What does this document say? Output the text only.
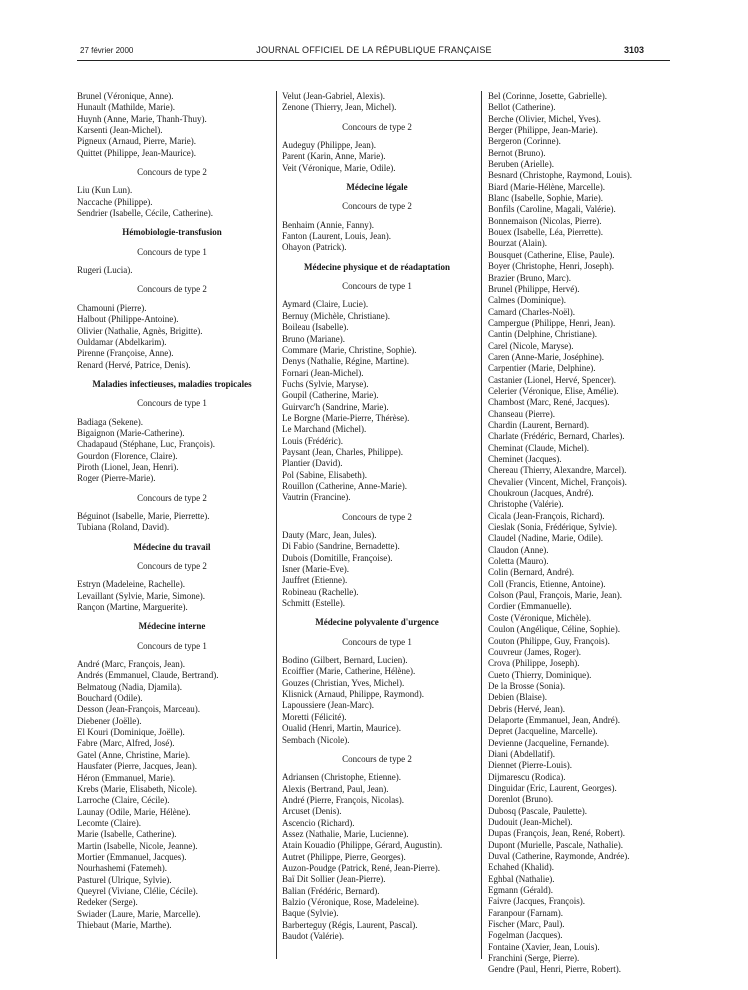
27 février 2000	JOURNAL OFFICIEL DE LA RÉPUBLIQUE FRANÇAISE	3103
Brunel (Véronique, Anne).
Hunault (Mathilde, Marie).
Huynh (Anne, Marie, Thanh-Thuy).
Karsenti (Jean-Michel).
Pigneux (Arnaud, Pierre, Marie).
Quittet (Philippe, Jean-Maurice).
Concours de type 2
Liu (Kun Lun).
Naccache (Philippe).
Sendrier (Isabelle, Cécile, Catherine).
Hémobiologie-transfusion
Concours de type 1
Rugeri (Lucia).
Concours de type 2
Chamouni (Pierre).
Halbout (Philippe-Antoine).
Olivier (Nathalie, Agnès, Brigitte).
Ouldamar (Abdelkarim).
Pirenne (Françoise, Anne).
Renard (Hervé, Patrice, Denis).
Maladies infectieuses, maladies tropicales
Concours de type 1
Badiaga (Sekene).
Bigaignon (Marie-Catherine).
Chadapaud (Stéphane, Luc, François).
Gourdon (Florence, Claire).
Piroth (Lionel, Jean, Henri).
Roger (Pierre-Marie).
Concours de type 2
Béguinot (Isabelle, Marie, Pierrette).
Tubiana (Roland, David).
Médecine du travail
Concours de type 2
Estryn (Madeleine, Rachelle).
Levaillant (Sylvie, Marie, Simone).
Rançon (Martine, Marguerite).
Médecine interne
Concours de type 1
André (Marc, François, Jean).
Andrés (Emmanuel, Claude, Bertrand).
Belmatoug (Nadia, Djamila).
Bouchard (Odile).
Desson (Jean-François, Marceau).
Diebener (Joëlle).
El Kouri (Dominique, Joëlle).
Fabre (Marc, Alfred, José).
Gatel (Anne, Christine, Marie).
Hausfater (Pierre, Jacques, Jean).
Héron (Emmanuel, Marie).
Krebs (Marie, Elisabeth, Nicole).
Larroche (Claire, Cécile).
Launay (Odile, Marie, Hélène).
Lecomte (Claire).
Marie (Isabelle, Catherine).
Martin (Isabelle, Nicole, Jeanne).
Mortier (Emmanuel, Jacques).
Nourhashemi (Fatemeh).
Pasturel (Ulrique, Sylvie).
Queyrel (Viviane, Clélie, Cécile).
Redeker (Serge).
Swiader (Laure, Marie, Marcelle).
Thiebaut (Marie, Marthe).
Velut (Jean-Gabriel, Alexis).
Zenone (Thierry, Jean, Michel).
Concours de type 2
Audeguy (Philippe, Jean).
Parent (Karin, Anne, Marie).
Veit (Véronique, Marie, Odile).
Médecine légale
Concours de type 2
Benhaim (Annie, Fanny).
Fanton (Laurent, Louis, Jean).
Ohayon (Patrick).
Médecine physique et de réadaptation
Concours de type 1
Aymard (Claire, Lucie).
Bernuy (Michèle, Christiane).
Boileau (Isabelle).
Bruno (Mariane).
Commare (Marie, Christine, Sophie).
Denys (Nathalie, Régine, Martine).
Fornari (Jean-Michel).
Fuchs (Sylvie, Maryse).
Goupil (Catherine, Marie).
Guirvarc'h (Sandrine, Marie).
Le Borgne (Marie-Pierre, Thérèse).
Le Marchand (Michel).
Louis (Frédéric).
Paysant (Jean, Charles, Philippe).
Plantier (David).
Pol (Sabine, Elisabeth).
Rouillon (Catherine, Anne-Marie).
Vautrin (Francine).
Concours de type 2
Dauty (Marc, Jean, Jules).
Di Fabio (Sandrine, Bernadette).
Dubois (Domitille, Françoise).
Isner (Marie-Eve).
Jauffret (Etienne).
Robineau (Rachelle).
Schmitt (Estelle).
Médecine polyvalente d'urgence
Concours de type 1
Bodino (Gilbert, Bernard, Lucien).
Ecoiffier (Marie, Catherine, Hélène).
Gouzes (Christian, Yves, Michel).
Klisnick (Arnaud, Philippe, Raymond).
Lapoussiere (Jean-Marc).
Moretti (Félicité).
Oualid (Henri, Martin, Maurice).
Sembach (Nicole).
Concours de type 2
Adriansen (Christophe, Etienne).
Alexis (Bertrand, Paul, Jean).
André (Pierre, François, Nicolas).
Arcuset (Denis).
Ascencio (Richard).
Assez (Nathalie, Marie, Lucienne).
Atain Kouadio (Philippe, Gérard, Augustin).
Autret (Philippe, Pierre, Georges).
Auzon-Poudge (Patrick, René, Jean-Pierre).
Baï Dit Sollier (Jean-Pierre).
Balian (Frédéric, Bernard).
Balzio (Véronique, Rose, Madeleine).
Baque (Sylvie).
Barberteguy (Régis, Laurent, Pascal).
Baudot (Valérie).
Bel (Corinne, Josette, Gabrielle).
Bellot (Catherine).
Berche (Olivier, Michel, Yves).
Berger (Philippe, Jean-Marie).
Bergeron (Corinne).
Bernot (Bruno).
Beruben (Arielle).
Besnard (Christophe, Raymond, Louis).
Biard (Marie-Hélène, Marcelle).
Blanc (Isabelle, Sophie, Marie).
Bonfils (Caroline, Magali, Valérie).
Bonnemaison (Nicolas, Pierre).
Bouex (Isabelle, Léa, Pierrette).
Bourzat (Alain).
Bousquet (Catherine, Elise, Paule).
Boyer (Christophe, Henri, Joseph).
Brazier (Bruno, Marc).
Brunel (Philippe, Hervé).
Calmes (Dominique).
Camard (Charles-Noël).
Campergue (Philippe, Henri, Jean).
Cantin (Delphine, Christiane).
Carel (Nicole, Maryse).
Caren (Anne-Marie, Joséphine).
Carpentier (Marie, Delphine).
Castanier (Lionel, Hervé, Spencer).
Celerier (Véronique, Elise, Amélie).
Chambost (Marc, René, Jacques).
Chanseau (Pierre).
Chardin (Laurent, Bernard).
Charlate (Frédéric, Bernard, Charles).
Cheminat (Claude, Michel).
Cheminet (Jacques).
Chereau (Thierry, Alexandre, Marcel).
Chevalier (Vincent, Michel, François).
Choukroun (Jacques, André).
Christophe (Valérie).
Cicala (Jean-François, Richard).
Cieslak (Sonia, Frédérique, Sylvie).
Claudel (Nadine, Marie, Odile).
Claudon (Anne).
Coletta (Mauro).
Colin (Bernard, André).
Coll (Francis, Etienne, Antoine).
Colson (Paul, François, Marie, Jean).
Cordier (Emmanuelle).
Coste (Véronique, Michèle).
Coulon (Angélique, Céline, Sophie).
Couton (Philippe, Guy, François).
Couvreur (James, Roger).
Crova (Philippe, Joseph).
Cueto (Thierry, Dominique).
De la Brosse (Sonia).
Debien (Blaise).
Debris (Hervé, Jean).
Delaporte (Emmanuel, Jean, André).
Depret (Jacqueline, Marcelle).
Devienne (Jacqueline, Fernande).
Diani (Abdellatif).
Diennet (Pierre-Louis).
Dijmarescu (Rodica).
Dinguidar (Eric, Laurent, Georges).
Dorenlot (Bruno).
Dubosq (Pascale, Paulette).
Dudouit (Jean-Michel).
Dupas (François, Jean, René, Robert).
Dupont (Murielle, Pascale, Nathalie).
Duval (Catherine, Raymonde, Andrée).
Echahed (Khalid).
Eghbal (Nathalie).
Egmann (Gérald).
Faivre (Jacques, François).
Faranpour (Farnam).
Fischer (Marc, Paul).
Fogelman (Jacques).
Fontaine (Xavier, Jean, Louis).
Franchini (Serge, Pierre).
Gendre (Paul, Henri, Pierre, Robert).
